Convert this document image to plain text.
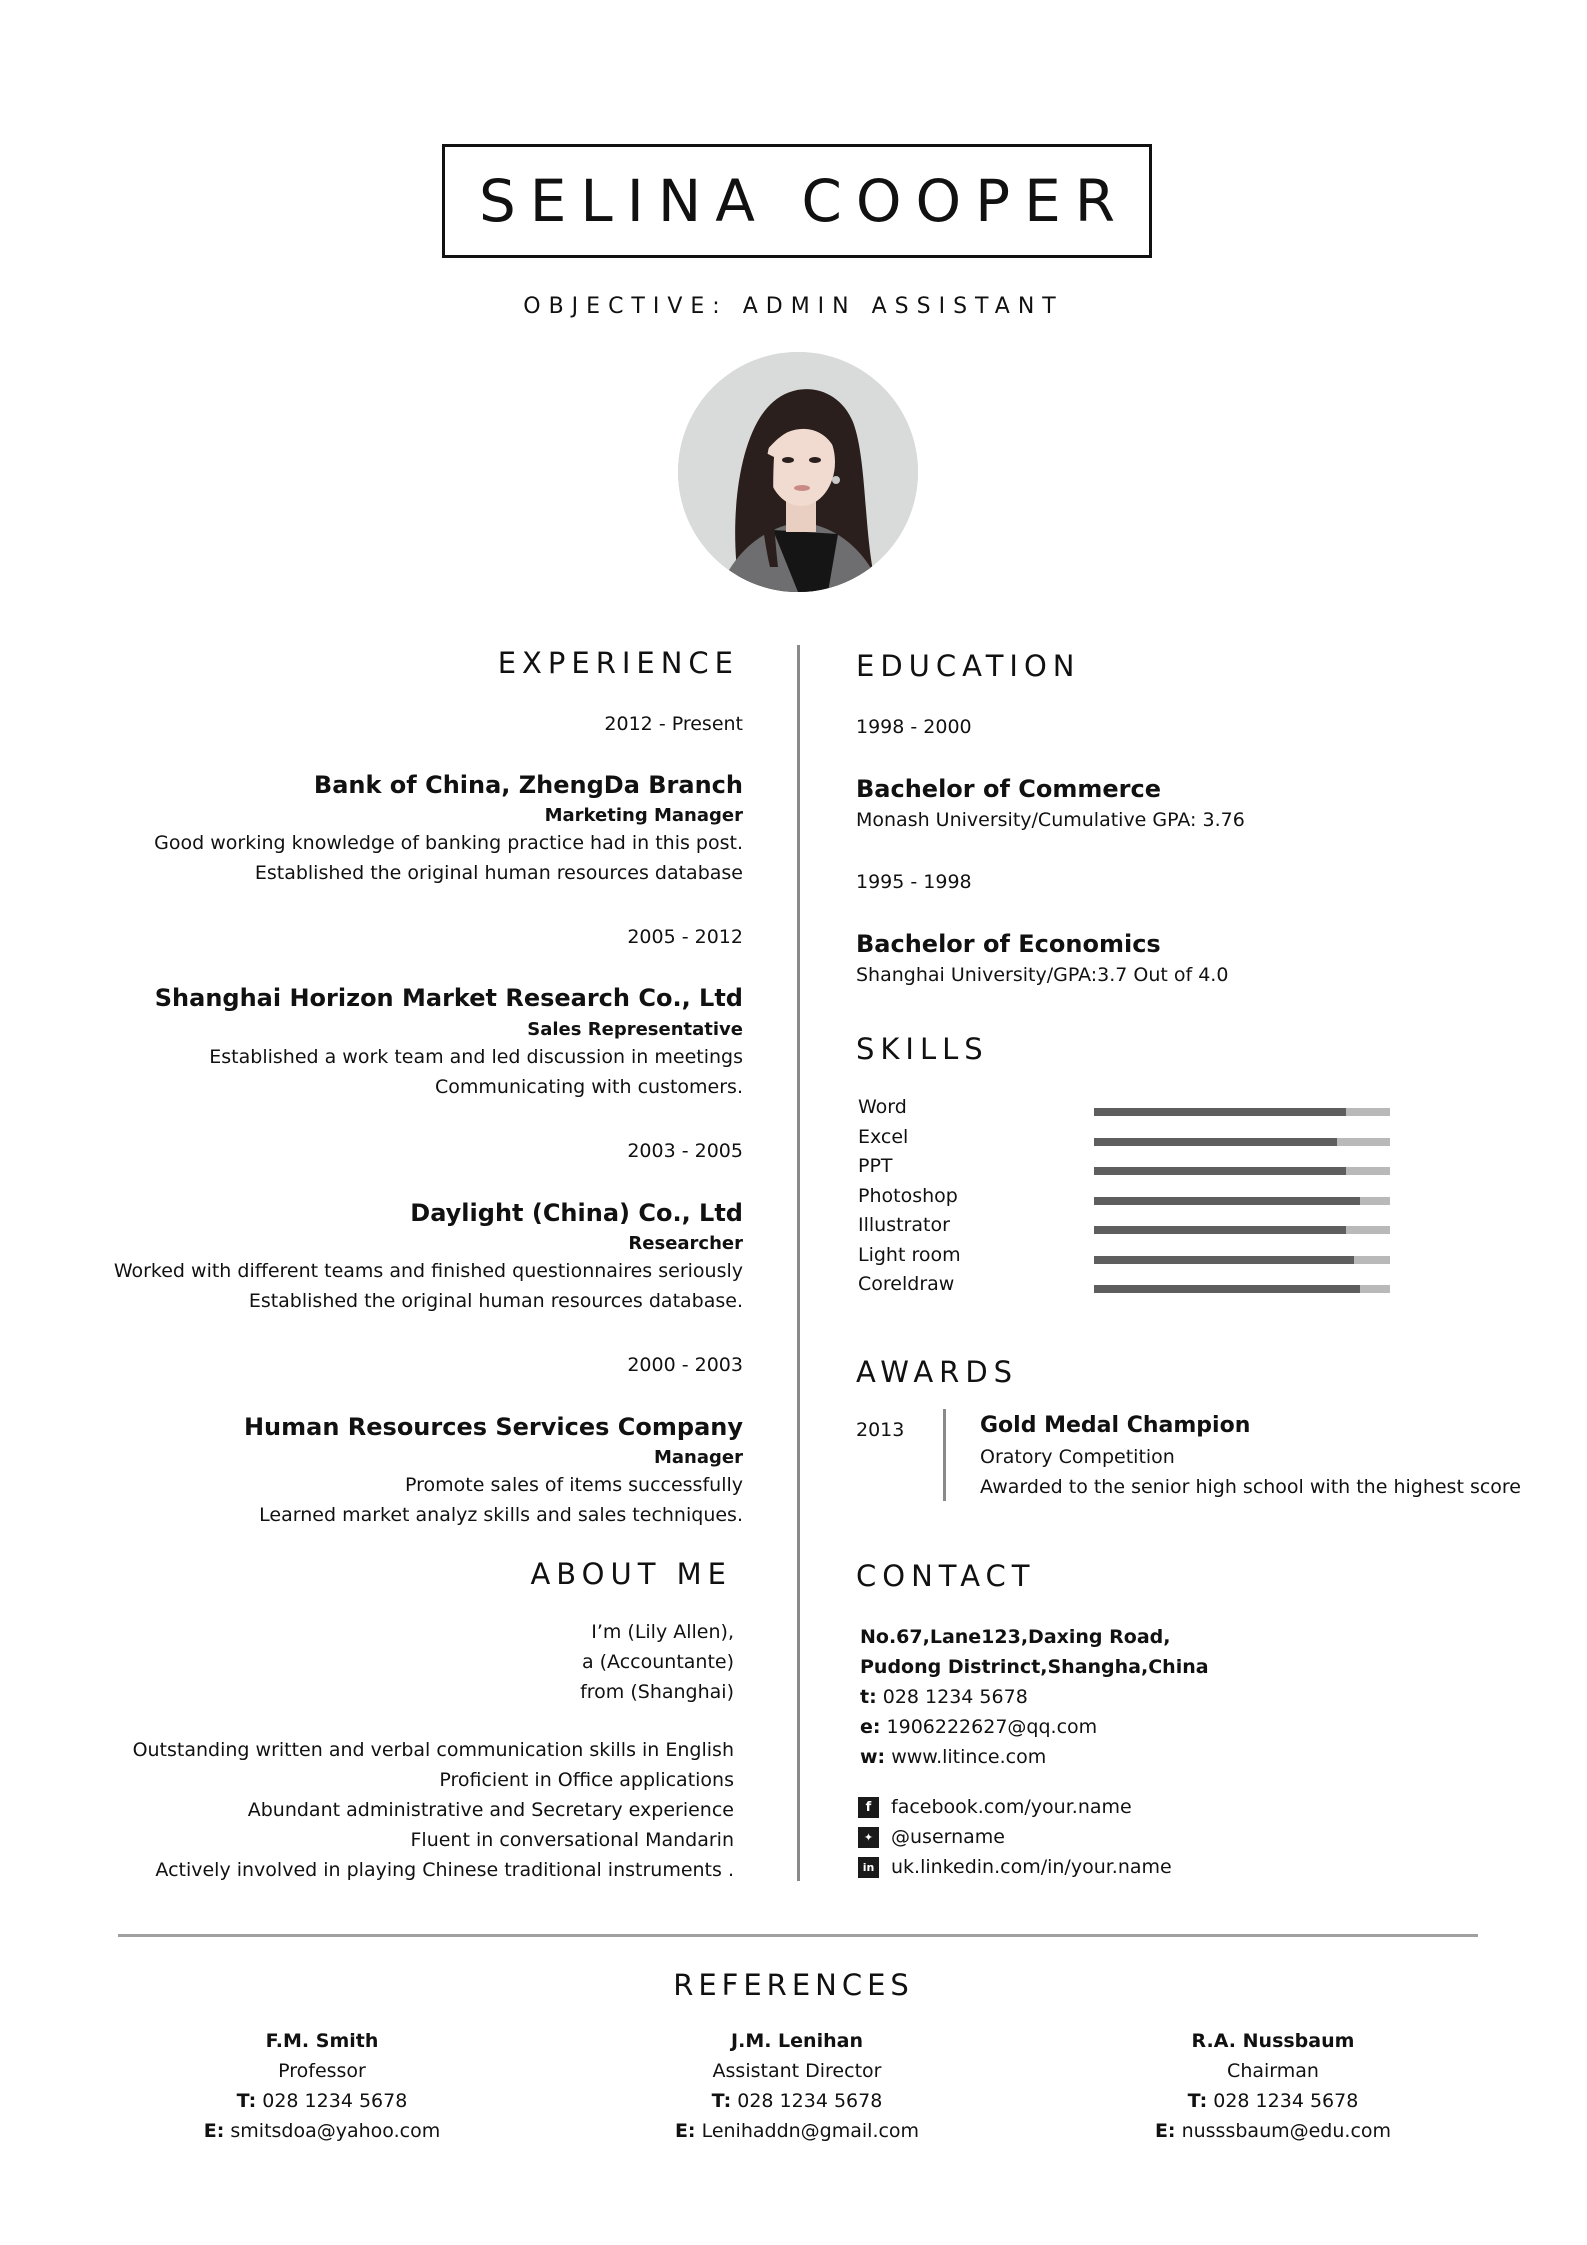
SELINA COOPER
OBJECTIVE: ADMIN ASSISTANT
EXPERIENCE
2012 - Present
Bank of China, ZhengDa Branch
Marketing Manager
Good working knowledge of banking practice had in this post.
Established the original human resources database
2005 - 2012
Shanghai Horizon Market Research Co., Ltd
Sales Representative
Established a work team and led discussion in meetings
Communicating with customers.
2003 - 2005
Daylight (China) Co., Ltd
Researcher
Worked with different teams and finished questionnaires seriously
Established the original human resources database.
2000 - 2003
Human Resources Services Company
Manager
Promote sales of items successfully
Learned market analyz skills and sales techniques.
ABOUT ME
I’m (Lily Allen),
a (Accountante)
from (Shanghai)
Outstanding written and verbal communication skills in English
Proficient in Office applications
Abundant administrative and Secretary experience
Fluent in conversational Mandarin
Actively involved in playing Chinese traditional instruments .
EDUCATION
1998 - 2000
Bachelor of Commerce
Monash University/Cumulative GPA: 3.76
1995 - 1998
Bachelor of Economics
Shanghai University/GPA:3.7 Out of 4.0
SKILLS
Word
Excel
PPT
Photoshop
Illustrator
Light room
Coreldraw
AWARDS
2013	Gold Medal Champion
Oratory Competition
Awarded to the senior high school with the highest score
CONTACT
No.67,Lane123,Daxing Road,
Pudong Distrinct,Shangha,China
t: 028 1234 5678
e: 1906222627@qq.com
w: www.litince.com
f	facebook.com/your.name
✦ @username
in uk.linkedin.com/in/your.name
REFERENCES
F.M. Smith
Professor
T: 028 1234 5678
E: smitsdoa@yahoo.com
J.M. Lenihan
Assistant Director
T: 028 1234 5678
E: Lenihaddn@gmail.com
R.A. Nussbaum
Chairman
T: 028 1234 5678
E: nusssbaum@edu.com
